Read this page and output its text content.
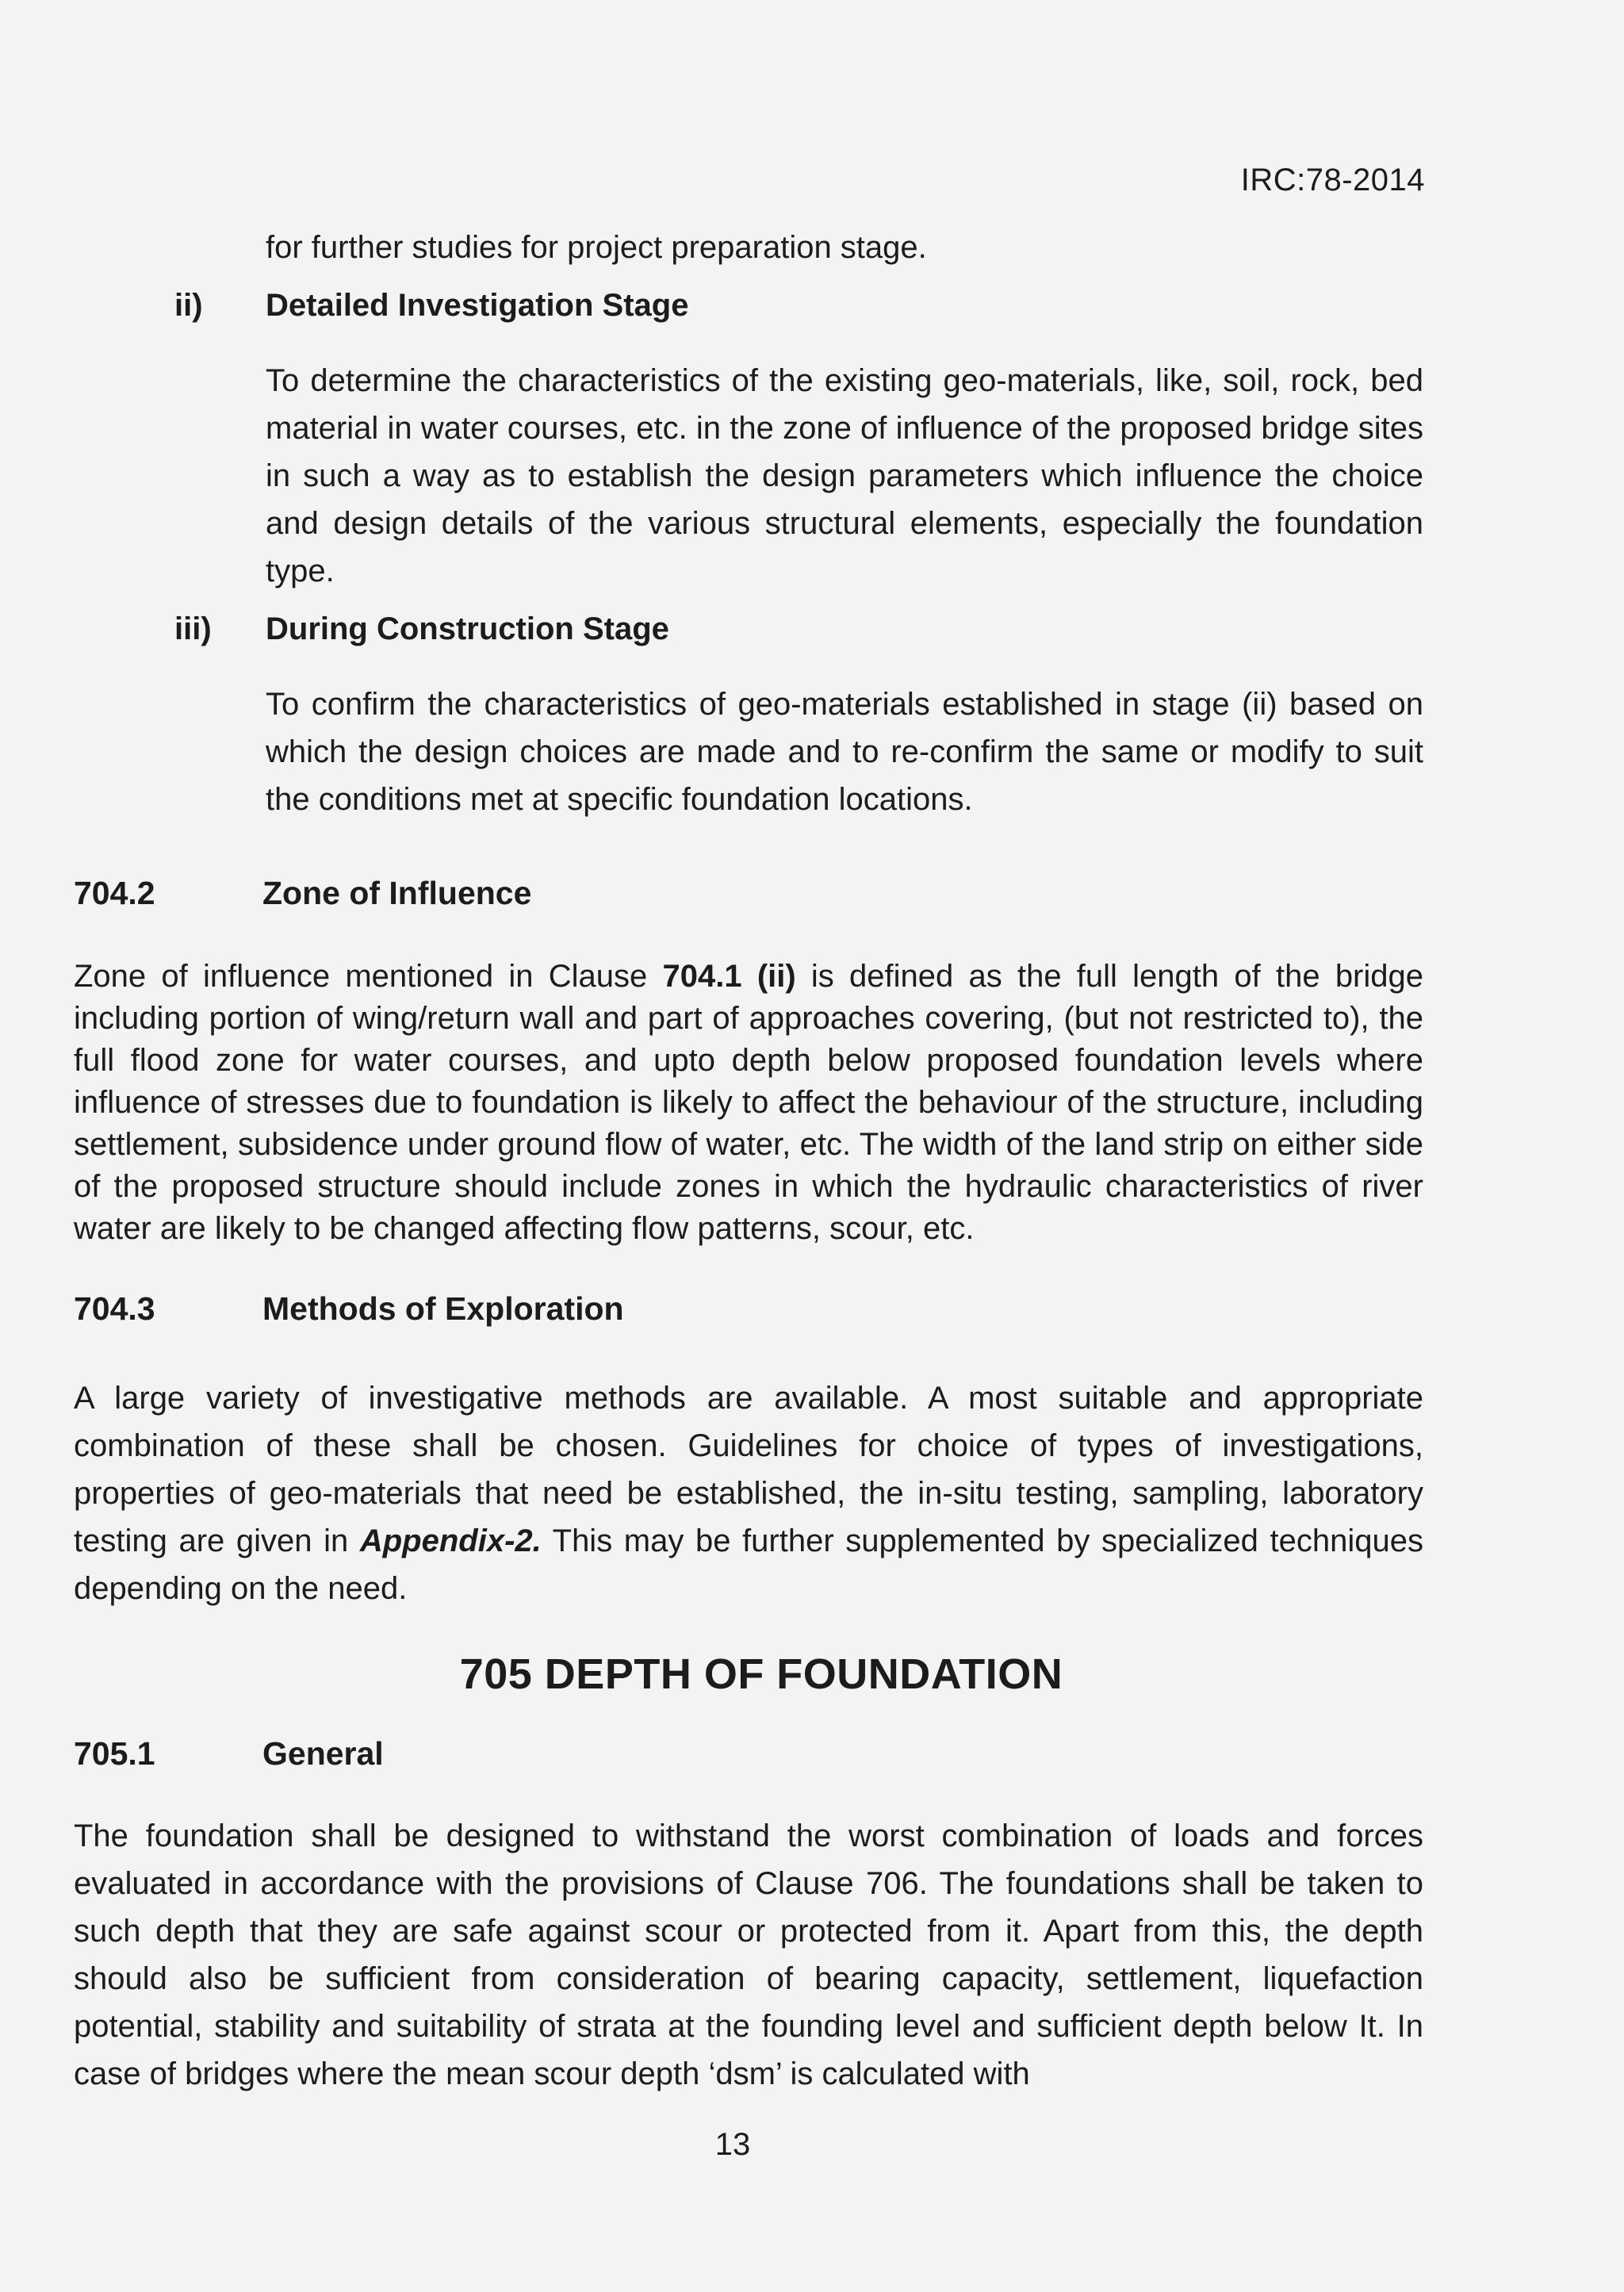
IRC:78-2014

for further studies for project preparation stage.

ii) Detailed Investigation Stage

To determine the characteristics of the existing geo-materials, like, soil, rock, bed material in water courses, etc. in the zone of influence of the proposed bridge sites in such a way as to establish the design parameters which influence the choice and design details of the various structural elements, especially the foundation type.

iii) During Construction Stage

To confirm the characteristics of geo-materials established in stage (ii) based on which the design choices are made and to re-confirm the same or modify to suit the conditions met at specific foundation locations.

704.2	Zone of Influence

Zone of influence mentioned in Clause 704.1 (ii) is defined as the full length of the bridge including portion of wing/return wall and part of approaches covering, (but not restricted to), the full flood zone for water courses, and upto depth below proposed foundation levels where influence of stresses due to foundation is likely to affect the behaviour of the structure, including settlement, subsidence under ground flow of water, etc. The width of the land strip on either side of the proposed structure should include zones in which the hydraulic characteristics of river water are likely to be changed affecting flow patterns, scour, etc.

704.3	Methods of Exploration

A large variety of investigative methods are available. A most suitable and appropriate combination of these shall be chosen. Guidelines for choice of types of investigations, properties of geo-materials that need be established, the in-situ testing, sampling, laboratory testing are given in Appendix-2. This may be further supplemented by specialized techniques depending on the need.

705 DEPTH OF FOUNDATION
705.1	General

The foundation shall be designed to withstand the worst combination of loads and forces evaluated in accordance with the provisions of Clause 706. The foundations shall be taken to such depth that they are safe against scour or protected from it. Apart from this, the depth should also be sufficient from consideration of bearing capacity, settlement, liquefaction potential, stability and suitability of strata at the founding level and sufficient depth below It. In case of bridges where the mean scour depth ‘dsm’ is calculated with

13
